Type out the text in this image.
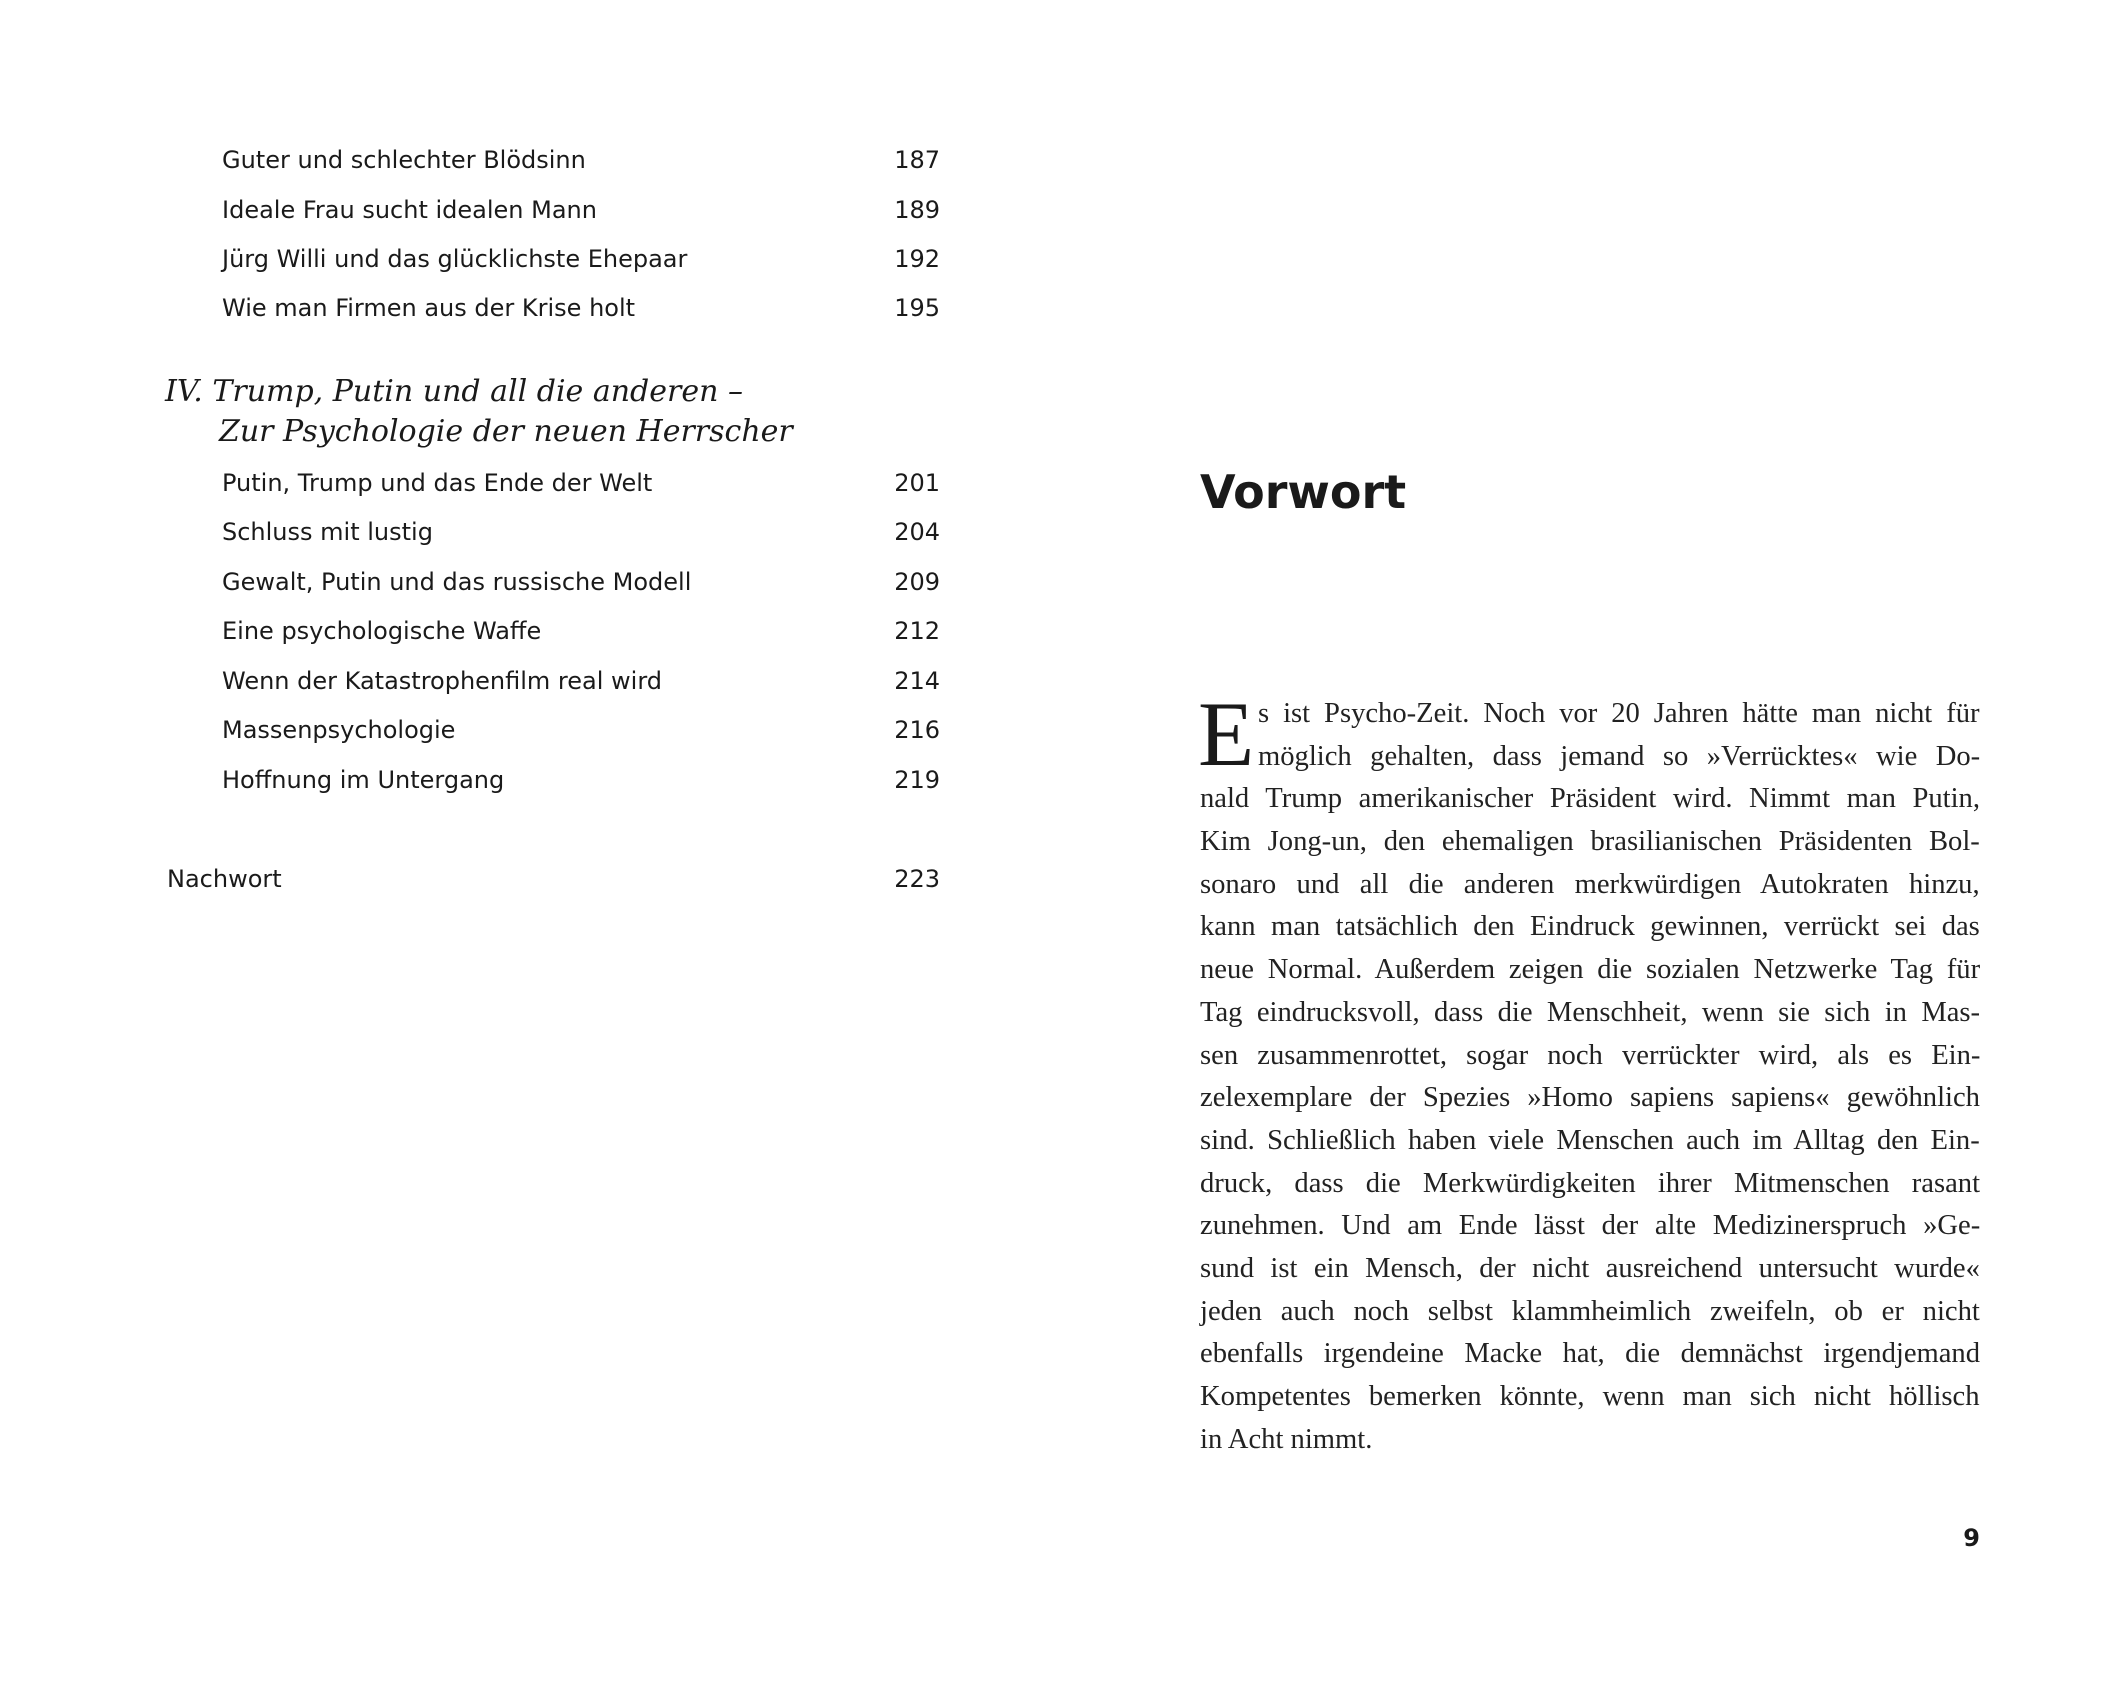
Guter und schlechter Blödsinn	187
Ideale Frau sucht idealen Mann	189
Jürg Willi und das glücklichste Ehepaar	192
Wie man Firmen aus der Krise holt	195
IV. Trump, Putin und all die anderen –
Zur Psychologie der neuen Herrscher
Putin, Trump und das Ende der Welt	201
Schluss mit lustig	204
Gewalt, Putin und das russische Modell	209
Eine psychologische Waffe	212
Wenn der Katastrophenfilm real wird	214
Massenpsychologie	216
Hoffnung im Untergang	219
Nachwort	223
Vorwort
E s ist Psycho-Zeit. Noch vor 20 Jahren hätte man nicht für
möglich gehalten, dass jemand so »Verrücktes« wie Do-
nald Trump amerikanischer Präsident wird. Nimmt man Putin,
Kim Jong-un, den ehemaligen brasilianischen Präsidenten Bol-
sonaro und all die anderen merkwürdigen Autokraten hinzu,
kann man tatsächlich den Eindruck gewinnen, verrückt sei das
neue Normal. Außerdem zeigen die sozialen Netzwerke Tag für
Tag eindrucksvoll, dass die Menschheit, wenn sie sich in Mas-
sen zusammenrottet, sogar noch verrückter wird, als es Ein-
zelexemplare der Spezies »Homo sapiens sapiens« gewöhnlich
sind. Schließlich haben viele Menschen auch im Alltag den Ein-
druck, dass die Merkwürdigkeiten ihrer Mitmenschen rasant
zunehmen. Und am Ende lässt der alte Medizinerspruch »Ge-
sund ist ein Mensch, der nicht ausreichend untersucht wurde«
jeden auch noch selbst klammheimlich zweifeln, ob er nicht
ebenfalls irgendeine Macke hat, die demnächst irgendjemand
Kompetentes bemerken könnte, wenn man sich nicht höllisch
in Acht nimmt.
9
